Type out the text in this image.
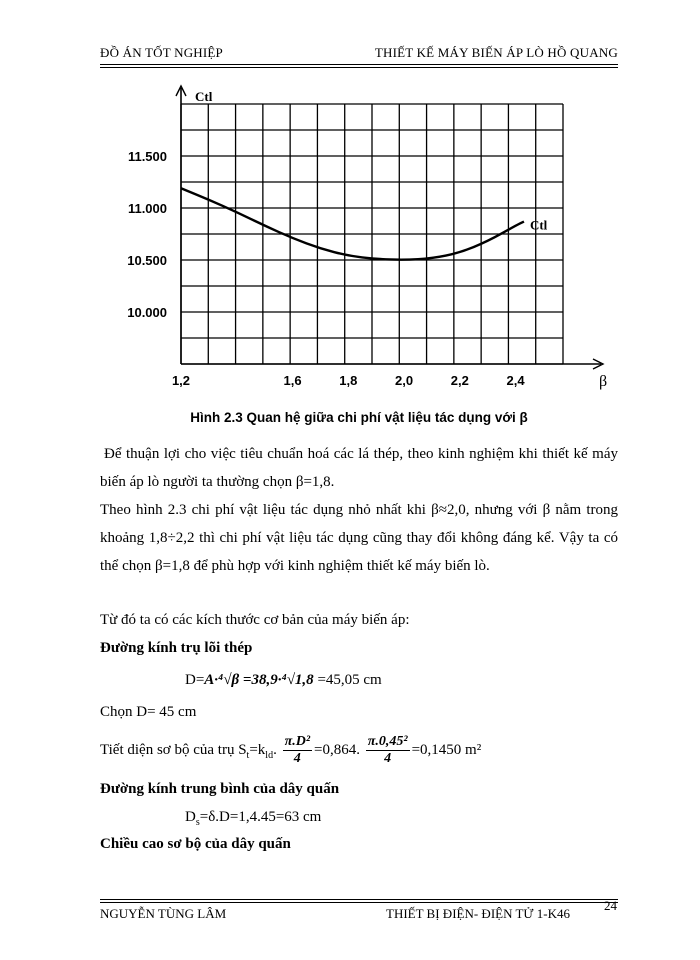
ĐỒ ÁN TỐT NGHIỆP	THIẾT KẾ MÁY BIẾN ÁP LÒ HỒ QUANG
Ctl
β
11.500
11.000
10.500
10.000
1,2	1,6	1,8	2,0	2,2	2,4
Ctl
Hình 2.3 Quan hệ giữa chi phí vật liệu tác dụng với β
Để thuận lợi cho việc tiêu chuẩn hoá các lá thép, theo kinh nghiệm khi thiết kế máy biến áp lò người ta thường chọn β=1,8.
Theo hình 2.3 chi phí vật liệu tác dụng nhỏ nhất khi β≈2,0, nhưng với β nằm trong khoảng 1,8÷2,2 thì chi phí vật liệu tác dụng cũng thay đổi không đáng kể. Vậy ta có thể chọn β=1,8 để phù hợp với kinh nghiệm thiết kế máy biến lò.
Từ đó ta có các kích thước cơ bản của máy biến áp:
Đường kính trụ lõi thép
D=A·⁴√β =38,9·⁴√1,8 =45,05 cm
Chọn D= 45 cm
Tiết diện sơ bộ của trụ $S_t=k_{ld}$. $\frac{\text{π.D²}}{4} =0,864$. $\frac{\text{π.0,45²}}{4} =0,1450$ m²
Đường kính trung bình của dây quấn
$D_s=\delta.D=1,4.45=63$ cm
Chiều cao sơ bộ của dây quấn
NGUYỄN TÙNG LÂM	THIẾT BỊ ĐIỆN- ĐIỆN TỬ 1-K46
24
